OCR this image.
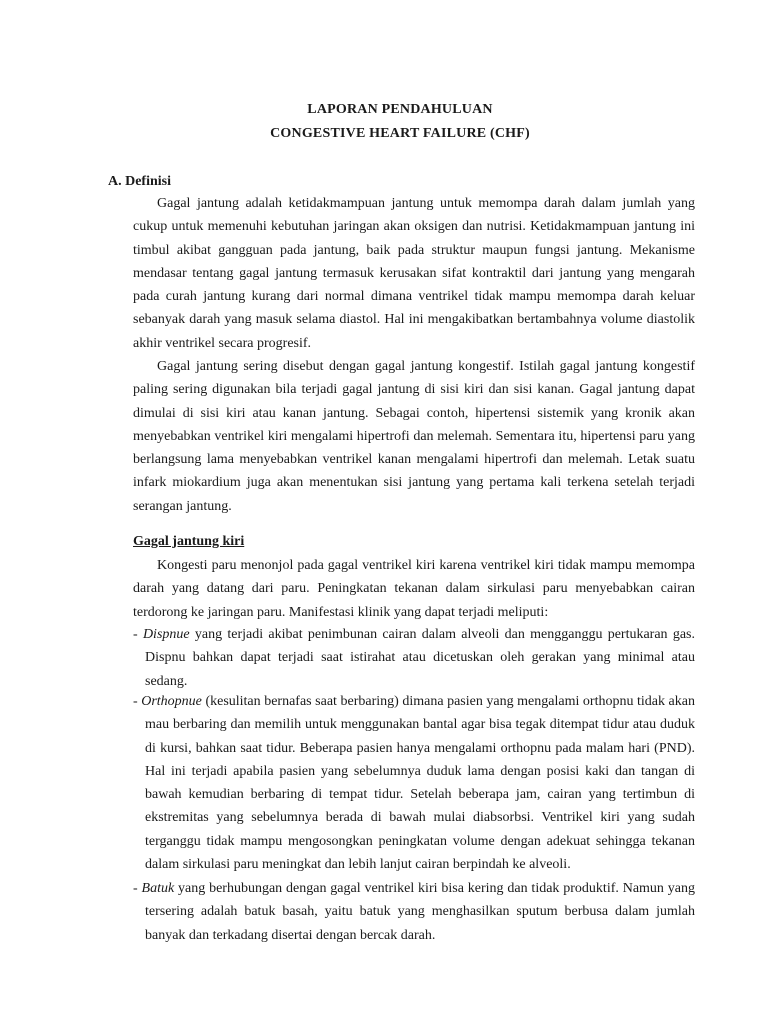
LAPORAN PENDAHULUAN
CONGESTIVE HEART FAILURE (CHF)
A. Definisi

Gagal jantung adalah ketidakmampuan jantung untuk memompa darah dalam jumlah yang cukup untuk memenuhi kebutuhan jaringan akan oksigen dan nutrisi. Ketidakmampuan jantung ini timbul akibat gangguan pada jantung, baik pada struktur maupun fungsi jantung. Mekanisme mendasar tentang gagal jantung termasuk kerusakan sifat kontraktil dari jantung yang mengarah pada curah jantung kurang dari normal dimana ventrikel tidak mampu memompa darah keluar sebanyak darah yang masuk selama diastol. Hal ini mengakibatkan bertambahnya volume diastolik akhir ventrikel secara progresif.

Gagal jantung sering disebut dengan gagal jantung kongestif. Istilah gagal jantung kongestif paling sering digunakan bila terjadi gagal jantung di sisi kiri dan sisi kanan. Gagal jantung dapat dimulai di sisi kiri atau kanan jantung. Sebagai contoh, hipertensi sistemik yang kronik akan menyebabkan ventrikel kiri mengalami hipertrofi dan melemah. Sementara itu, hipertensi paru yang berlangsung lama menyebabkan ventrikel kanan mengalami hipertrofi dan melemah. Letak suatu infark miokardium juga akan menentukan sisi jantung yang pertama kali terkena setelah terjadi serangan jantung.

Gagal jantung kiri

Kongesti paru menonjol pada gagal ventrikel kiri karena ventrikel kiri tidak mampu memompa darah yang datang dari paru. Peningkatan tekanan dalam sirkulasi paru menyebabkan cairan terdorong ke jaringan paru. Manifestasi klinik yang dapat terjadi meliputi:

- Dispnue yang terjadi akibat penimbunan cairan dalam alveoli dan mengganggu pertukaran gas. Dispnu bahkan dapat terjadi saat istirahat atau dicetuskan oleh gerakan yang minimal atau sedang.

- Orthopnue (kesulitan bernafas saat berbaring) dimana pasien yang mengalami orthopnu tidak akan mau berbaring dan memilih untuk menggunakan bantal agar bisa tegak ditempat tidur atau duduk di kursi, bahkan saat tidur. Beberapa pasien hanya mengalami orthopnu pada malam hari (PND). Hal ini terjadi apabila pasien yang sebelumnya duduk lama dengan posisi kaki dan tangan di bawah kemudian berbaring di tempat tidur. Setelah beberapa jam, cairan yang tertimbun di ekstremitas yang sebelumnya berada di bawah mulai diabsorbsi. Ventrikel kiri yang sudah terganggu tidak mampu mengosongkan peningkatan volume dengan adekuat sehingga tekanan dalam sirkulasi paru meningkat dan lebih lanjut cairan berpindah ke alveoli.

- Batuk yang berhubungan dengan gagal ventrikel kiri bisa kering dan tidak produktif. Namun yang tersering adalah batuk basah, yaitu batuk yang menghasilkan sputum berbusa dalam jumlah banyak dan terkadang disertai dengan bercak darah.
